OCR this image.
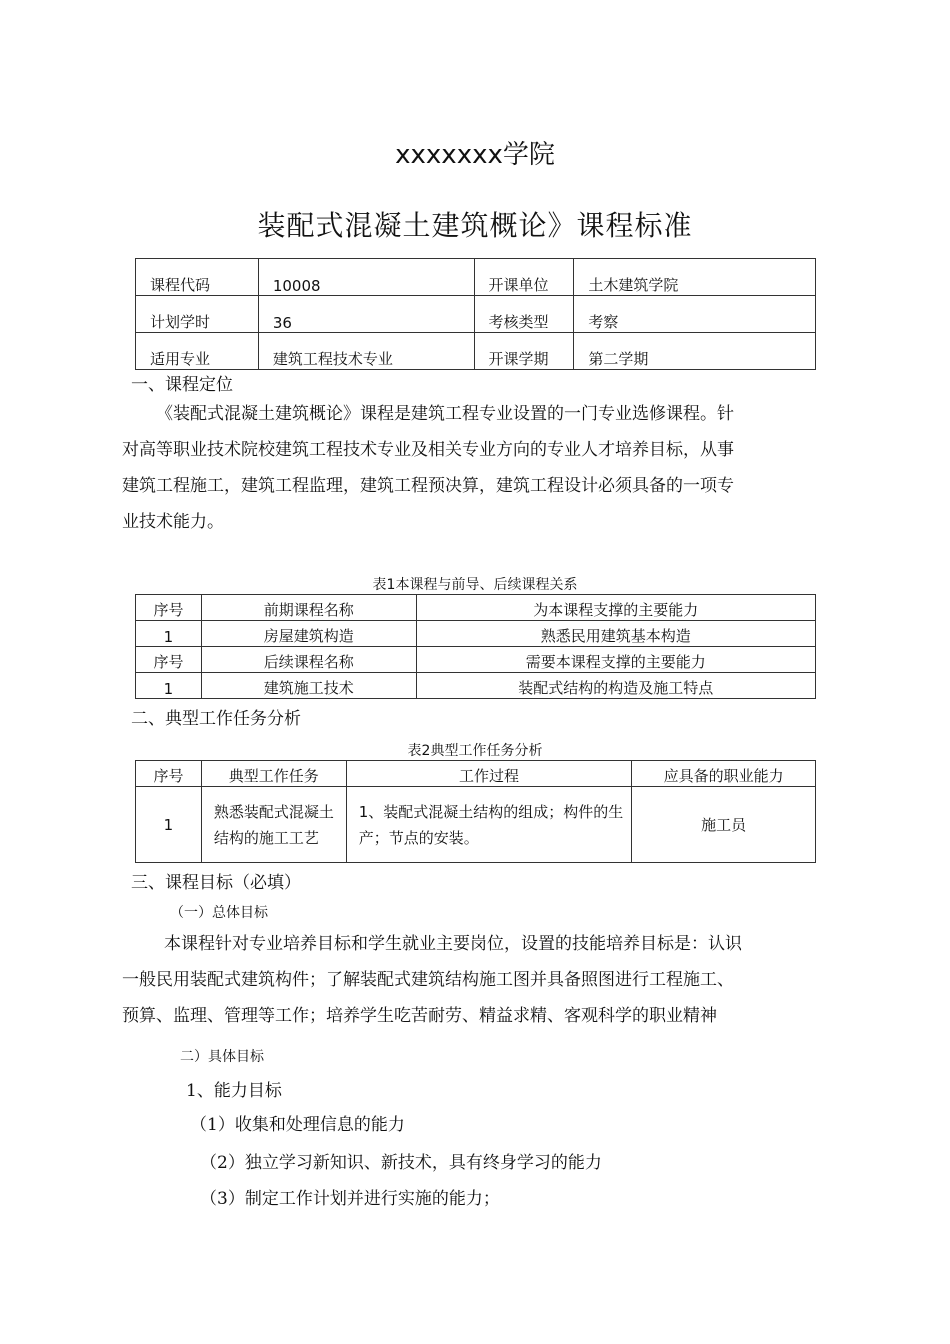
xxxxxxx学院
装配式混凝土建筑概论》课程标准
课程代码	10008	开课单位	土木建筑学院
计划学时	36	考核类型	考察
适用专业	建筑工程技术专业	开课学期	第二学期
一、课程定位

《装配式混凝土建筑概论》课程是建筑工程专业设置的一门专业选修课程。针

对高等职业技术院校建筑工程技术专业及相关专业方向的专业人才培养目标，从事

建筑工程施工，建筑工程监理，建筑工程预决算，建筑工程设计必须具备的一项专

业技术能力。

表1本课程与前导、后续课程关系
序号	前期课程名称	为本课程支撑的主要能力
1	房屋建筑构造	熟悉民用建筑基本构造
序号	后续课程名称	需要本课程支撑的主要能力
1	建筑施工技术	装配式结构的构造及施工特点
二、典型工作任务分析
表2典型工作任务分析
序号	典型工作任务	工作过程	应具备的职业能力
1	熟悉装配式混凝土结构的施工工艺	1、装配式混凝土结构的组成；构件的生产；节点的安装。	施工员
三、课程目标（必填）
（一）总体目标

本课程针对专业培养目标和学生就业主要岗位，设置的技能培养目标是：认识

一般民用装配式建筑构件；了解装配式建筑结构施工图并具备照图进行工程施工、

预算、监理、管理等工作；培养学生吃苦耐劳、精益求精、客观科学的职业精神

二）具体目标
1、能力目标
（1）收集和处理信息的能力
（2）独立学习新知识、新技术，具有终身学习的能力
（3）制定工作计划并进行实施的能力；
